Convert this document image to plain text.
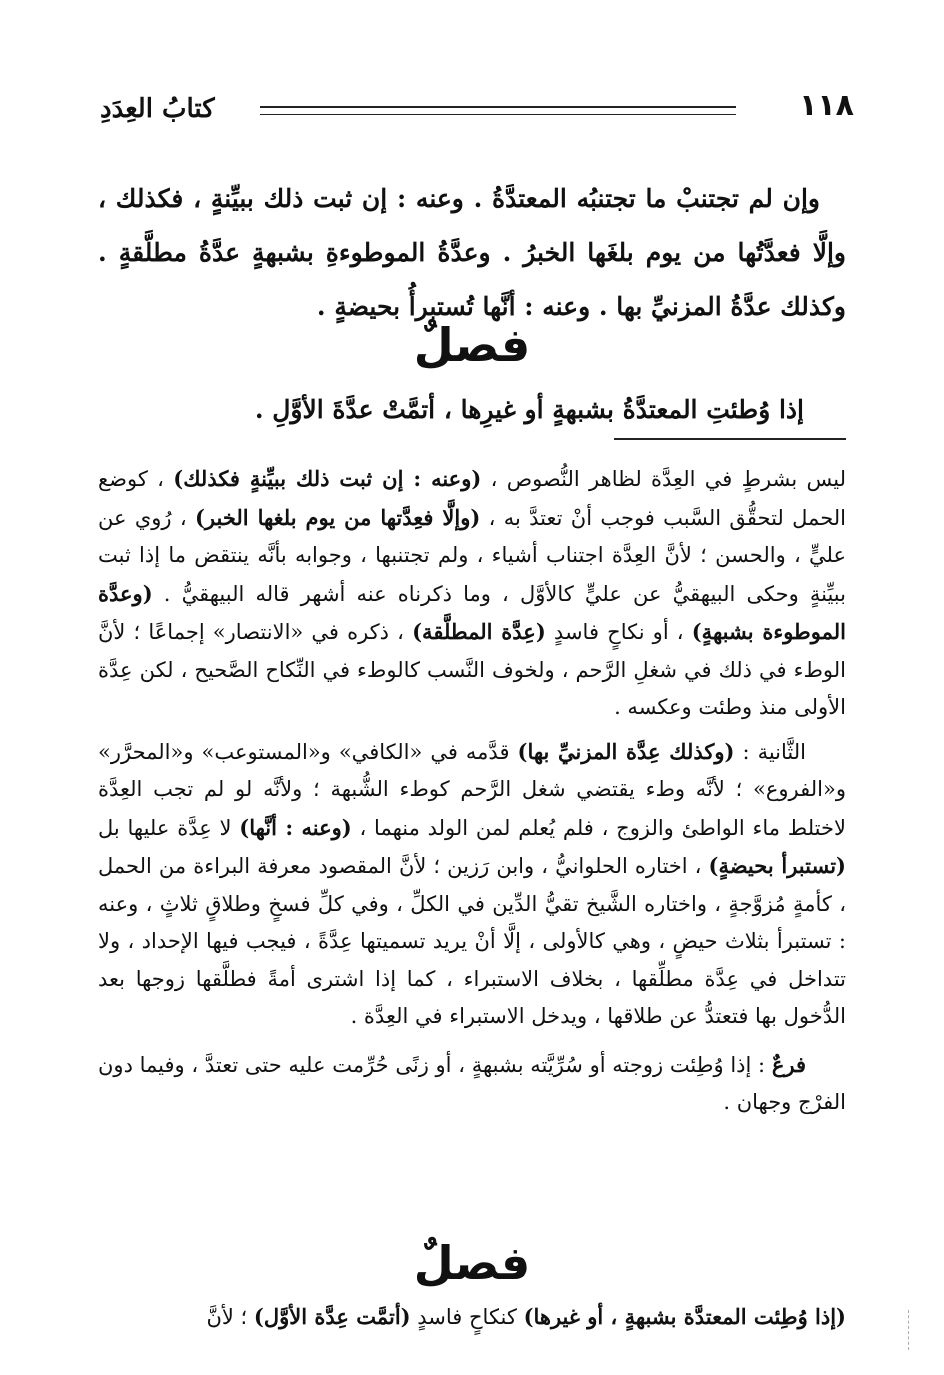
١١٨
كتابُ العِدَدِ
وإن لم تجتنبْ ما تجتنبُه المعتدَّةُ . وعنه : إن ثبت ذلك ببيِّنةٍ ، فكذلك ، وإلَّا فعدَّتُها من يوم بلغَها الخبرُ . وعدَّةُ الموطوءةِ بشبهةٍ عدَّةُ مطلَّقةٍ . وكذلك عدَّةُ المزنيِّ بها . وعنه : أنَّها تُستبرأُ بحيضةٍ .
فصلٌ
إذا وُطئتِ المعتدَّةُ بشبهةٍ أو غيرِها ، أتمَّتْ عدَّةَ الأوَّلِ .

ليس بشرطٍ في العِدَّة لظاهر النُّصوص ، (وعنه : إن ثبت ذلك ببيِّنةٍ فكذلك) ، كوضع الحمل لتحقُّق السَّبب فوجب أنْ تعتدَّ به ، (وإلَّا فعِدَّتها من يوم بلغها الخبر) ، رُوي عن عليٍّ ، والحسن ؛ لأنَّ العِدَّة اجتناب أشياء ، ولم تجتنبها ، وجوابه بأنَّه ينتقض ما إذا ثبت ببيِّنةٍ وحكى البيهقيُّ عن عليٍّ كالأوَّل ، وما ذكرناه عنه أشهر قاله البيهقيُّ . (وعدَّة الموطوءة بشبهةٍ) ، أو نكاحٍ فاسدٍ (عِدَّة المطلَّقة) ، ذكره في «الانتصار» إجماعًا ؛ لأنَّ الوطء في ذلك في شغلِ الرَّحم ، ولخوف النَّسب كالوطء في النِّكاح الصَّحيح ، لكن عِدَّة الأولى منذ وطئت وعكسه .

الثَّانية : (وكذلك عِدَّة المزنيِّ بها) قدَّمه في «الكافي» و«المستوعب» و«المحرَّر» و«الفروع» ؛ لأنَّه وطء يقتضي شغل الرَّحم كوطء الشُّبهة ؛ ولأنَّه لو لم تجب العِدَّة لاختلط ماء الواطئ والزوج ، فلم يُعلم لمن الولد منهما ، (وعنه : أنَّها) لا عِدَّة عليها بل (تستبرأ بحيضةٍ) ، اختاره الحلوانيُّ ، وابن رَزين ؛ لأنَّ المقصود معرفة البراءة من الحمل ، كأمةٍ مُزوَّجةٍ ، واختاره الشَّيخ تقيُّ الدِّين في الكلِّ ، وفي كلِّ فسخٍ وطلاقٍ ثلاثٍ ، وعنه : تستبرأ بثلاث حيضٍ ، وهي كالأولى ، إلَّا أنْ يريد تسميتها عِدَّةً ، فيجب فيها الإحداد ، ولا تتداخل في عِدَّة مطلِّقها ، بخلاف الاستبراء ، كما إذا اشترى أمةً فطلَّقها زوجها بعد الدُّخول بها فتعتدُّ عن طلاقها ، ويدخل الاستبراء في العِدَّة .

فرعٌ : إذا وُطِئت زوجته أو سُرِّيَّته بشبهةٍ ، أو زنًى حُرِّمت عليه حتى تعتدَّ ، وفيما دون الفرْج وجهان .

فصلٌ

(إذا وُطِئت المعتدَّة بشبهةٍ ، أو غيرها) كنكاحٍ فاسدٍ (أتمَّت عِدَّة الأوَّل) ؛ لأنَّ
